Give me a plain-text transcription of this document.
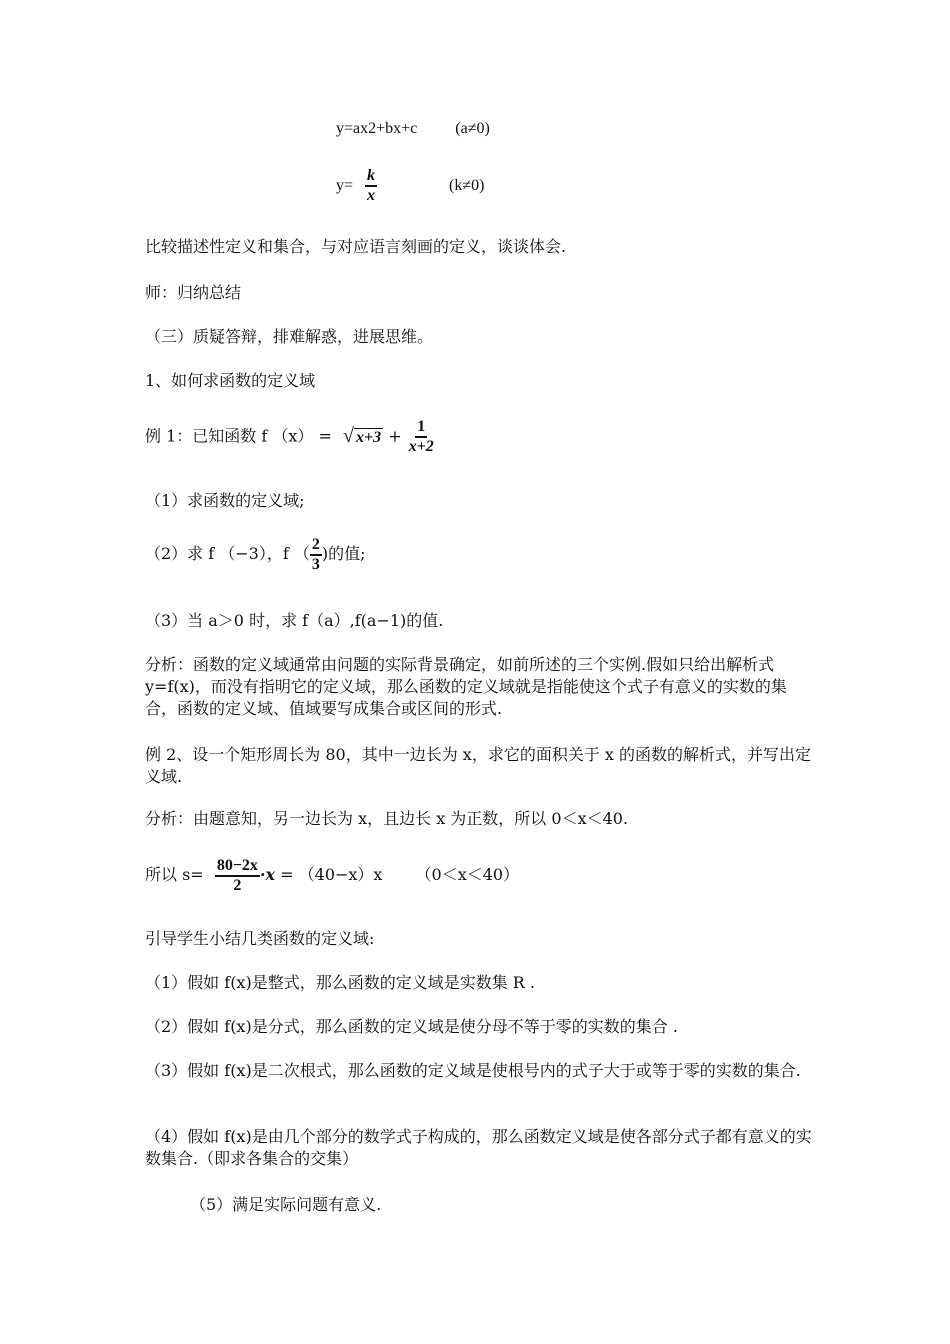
y=ax2+bx+c (a≠0)
$y= \frac{k}{x}$	(k≠0)
比较描述性定义和集合，与对应语言刻画的定义，谈谈体会.
师：归纳总结
（三）质疑答辩，排难解惑，进展思维。
1、如何求函数的定义域
例 1：已知函数 f （x） = √ $x+3 + \frac{1}{x+2}$
（1）求函数的定义域;
（2）求 f （−3），f （ $\frac{2}{3}$ )的值;
（3）当 a＞0 时，求 f（a）,f(a−1)的值.
分析：函数的定义域通常由问题的实际背景确定，如前所述的三个实例.假如只给出解析式 y=f(x)，而没有指明它的定义域，那么函数的定义域就是指能使这个式子有意义的实数的集合，函数的定义域、值域要写成集合或区间的形式.
例 2、设一个矩形周长为 80，其中一边长为 x，求它的面积关于 x 的函数的解析式，并写出定义域.
分析：由题意知，另一边长为 x，且边长 x 为正数，所以 0＜x＜40.
所以 $s= \frac{80-2x}{2} \cdot x = (40-x)x$ （0＜x＜40）
引导学生小结几类函数的定义域:
（1）假如 f(x)是整式，那么函数的定义域是实数集 R .
（2）假如 f(x)是分式，那么函数的定义域是使分母不等于零的实数的集合 .
（3）假如 f(x)是二次根式，那么函数的定义域是使根号内的式子大于或等于零的实数的集合.
（4）假如 f(x)是由几个部分的数学式子构成的，那么函数定义域是使各部分式子都有意义的实数集合.（即求各集合的交集）
（5）满足实际问题有意义.
